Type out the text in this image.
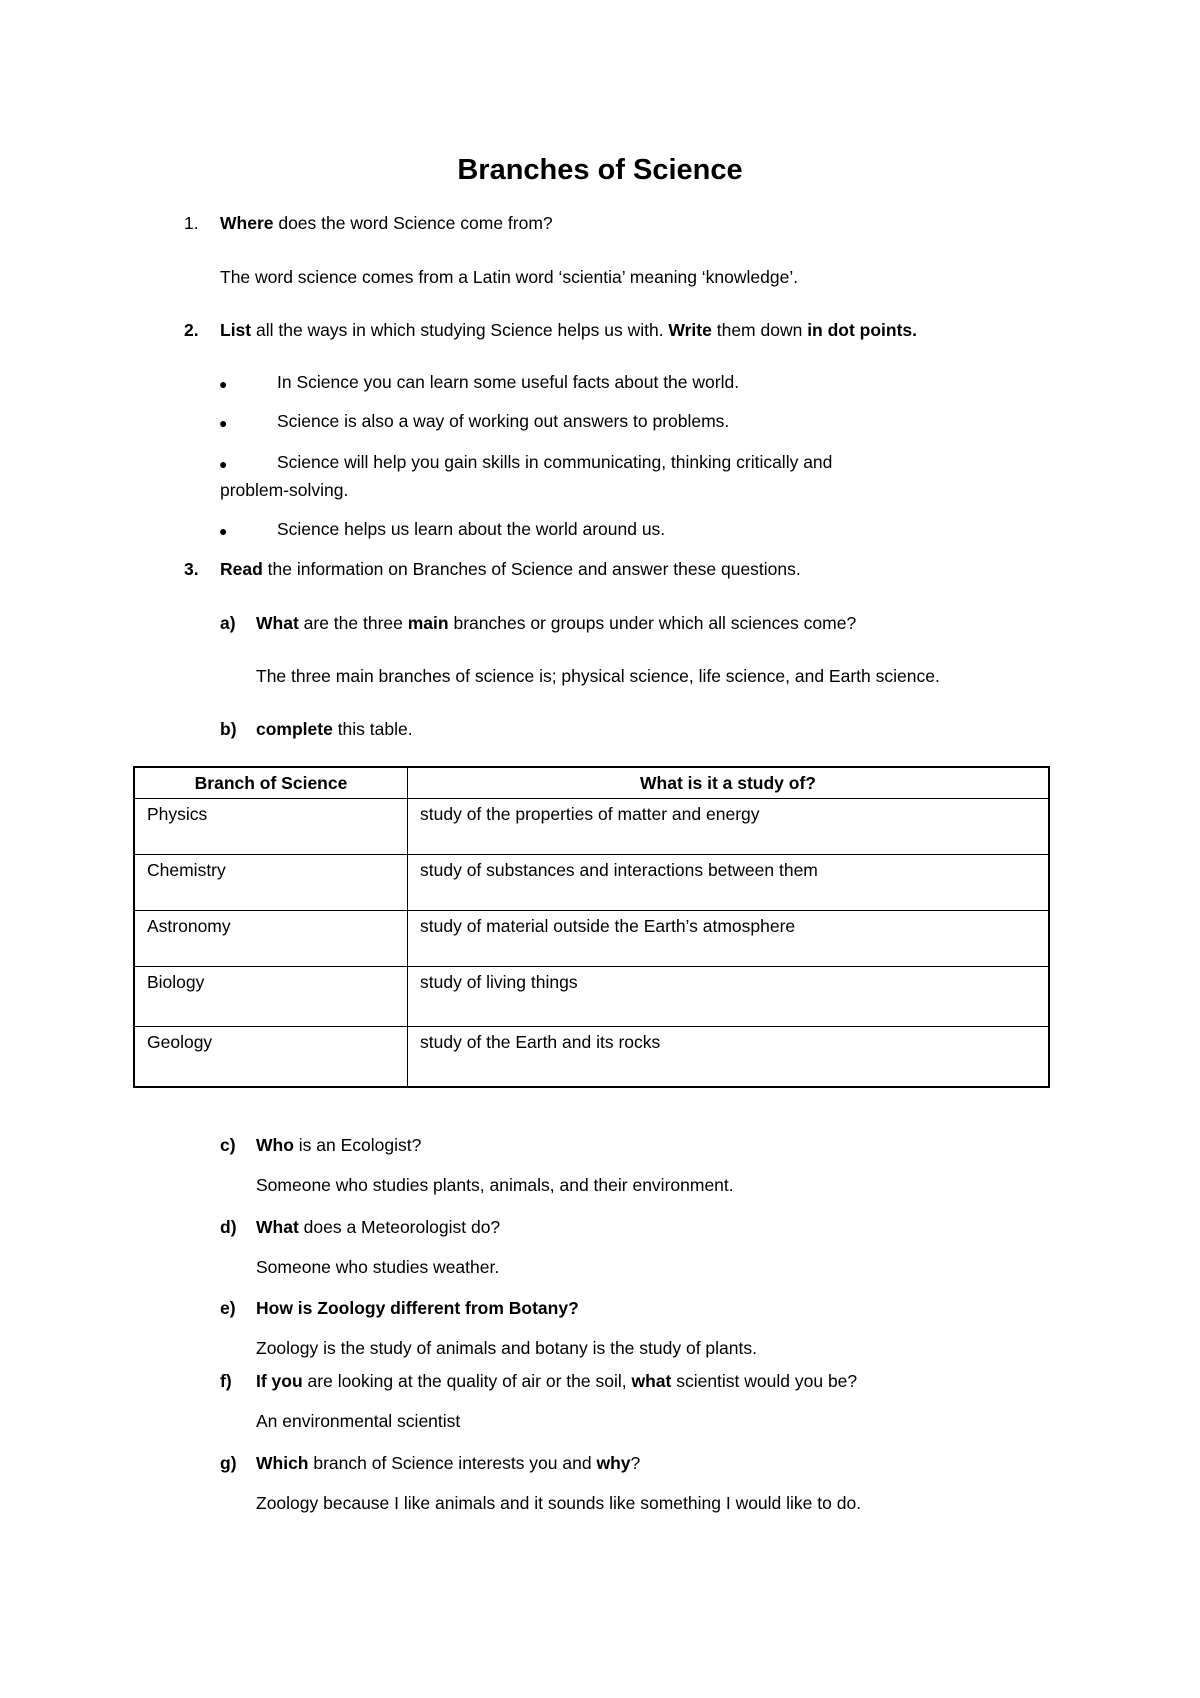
Branches of Science
1. Where does the word Science come from?
The word science comes from a Latin word ‘scientia’ meaning ‘knowledge’.
2. List all the ways in which studying Science helps us with. Write them down in dot points.
●	In Science you can learn some useful facts about the world.
●	Science is also a way of working out answers to problems.
●	Science will help you gain skills in communicating, thinking critically and
problem-solving.
●	Science helps us learn about the world around us.
3. Read the information on Branches of Science and answer these questions.
a) What are the three main branches or groups under which all sciences come?
The three main branches of science is; physical science, life science, and Earth science.
b) complete this table.
Branch of Science	What is it a study of?
Physics	study of the properties of matter and energy
Chemistry	study of substances and interactions between them
Astronomy	study of material outside the Earth’s atmosphere
Biology	study of living things
Geology	study of the Earth and its rocks
c) Who is an Ecologist?
Someone who studies plants, animals, and their environment.
d) What does a Meteorologist do?
Someone who studies weather.
e) How is Zoology different from Botany?
Zoology is the study of animals and botany is the study of plants.
f) If you are looking at the quality of air or the soil, what scientist would you be?
An environmental scientist
g) Which branch of Science interests you and why?
Zoology because I like animals and it sounds like something I would like to do.
